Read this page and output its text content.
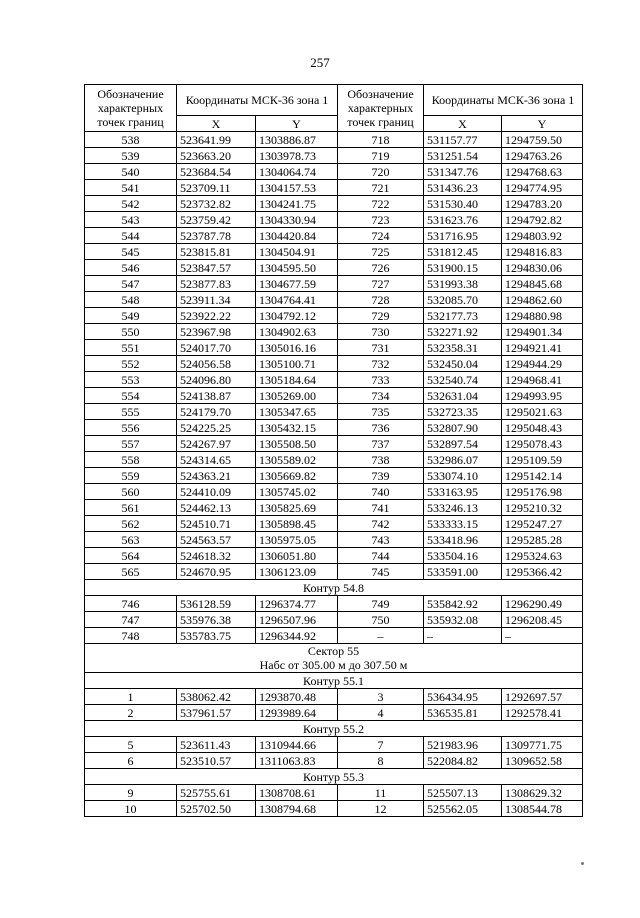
257
Обозначение характерных точек границ	Координаты МСК-36 зона 1		Обозначение характерных точек границ	Координаты МСК-36 зона 1	
	X	Y		X	Y
538	523641.99	1303886.87	718	531157.77	1294759.50
539	523663.20	1303978.73	719	531251.54	1294763.26
540	523684.54	1304064.74	720	531347.76	1294768.63
541	523709.11	1304157.53	721	531436.23	1294774.95
542	523732.82	1304241.75	722	531530.40	1294783.20
543	523759.42	1304330.94	723	531623.76	1294792.82
544	523787.78	1304420.84	724	531716.95	1294803.92
545	523815.81	1304504.91	725	531812.45	1294816.83
546	523847.57	1304595.50	726	531900.15	1294830.06
547	523877.83	1304677.59	727	531993.38	1294845.68
548	523911.34	1304764.41	728	532085.70	1294862.60
549	523922.22	1304792.12	729	532177.73	1294880.98
550	523967.98	1304902.63	730	532271.92	1294901.34
551	524017.70	1305016.16	731	532358.31	1294921.41
552	524056.58	1305100.71	732	532450.04	1294944.29
553	524096.80	1305184.64	733	532540.74	1294968.41
554	524138.87	1305269.00	734	532631.04	1294993.95
555	524179.70	1305347.65	735	532723.35	1295021.63
556	524225.25	1305432.15	736	532807.90	1295048.43
557	524267.97	1305508.50	737	532897.54	1295078.43
558	524314.65	1305589.02	738	532986.07	1295109.59
559	524363.21	1305669.82	739	533074.10	1295142.14
560	524410.09	1305745.02	740	533163.95	1295176.98
561	524462.13	1305825.69	741	533246.13	1295210.32
562	524510.71	1305898.45	742	533333.15	1295247.27
563	524563.57	1305975.05	743	533418.96	1295285.28
564	524618.32	1306051.80	744	533504.16	1295324.63
565	524670.95	1306123.09	745	533591.00	1295366.42
Контур 54.8					
746	536128.59	1296374.77	749	535842.92	1296290.49
747	535976.38	1296507.96	750	535932.08	1296208.45
748	535783.75	1296344.92	–	–	–

Сектор 55
Набс от 305.00 м до 307.50 м					

Контур 55.1					
1	538062.42	1293870.48	3	536434.95	1292697.57
2	537961.57	1293989.64	4	536535.81	1292578.41
Контур 55.2					
5	523611.43	1310944.66	7	521983.96	1309771.75
6	523510.57	1311063.83	8	522084.82	1309652.58
Контур 55.3					
9	525755.61	1308708.61	11	525507.13	1308629.32
10	525702.50	1308794.68	12	525562.05	1308544.78
